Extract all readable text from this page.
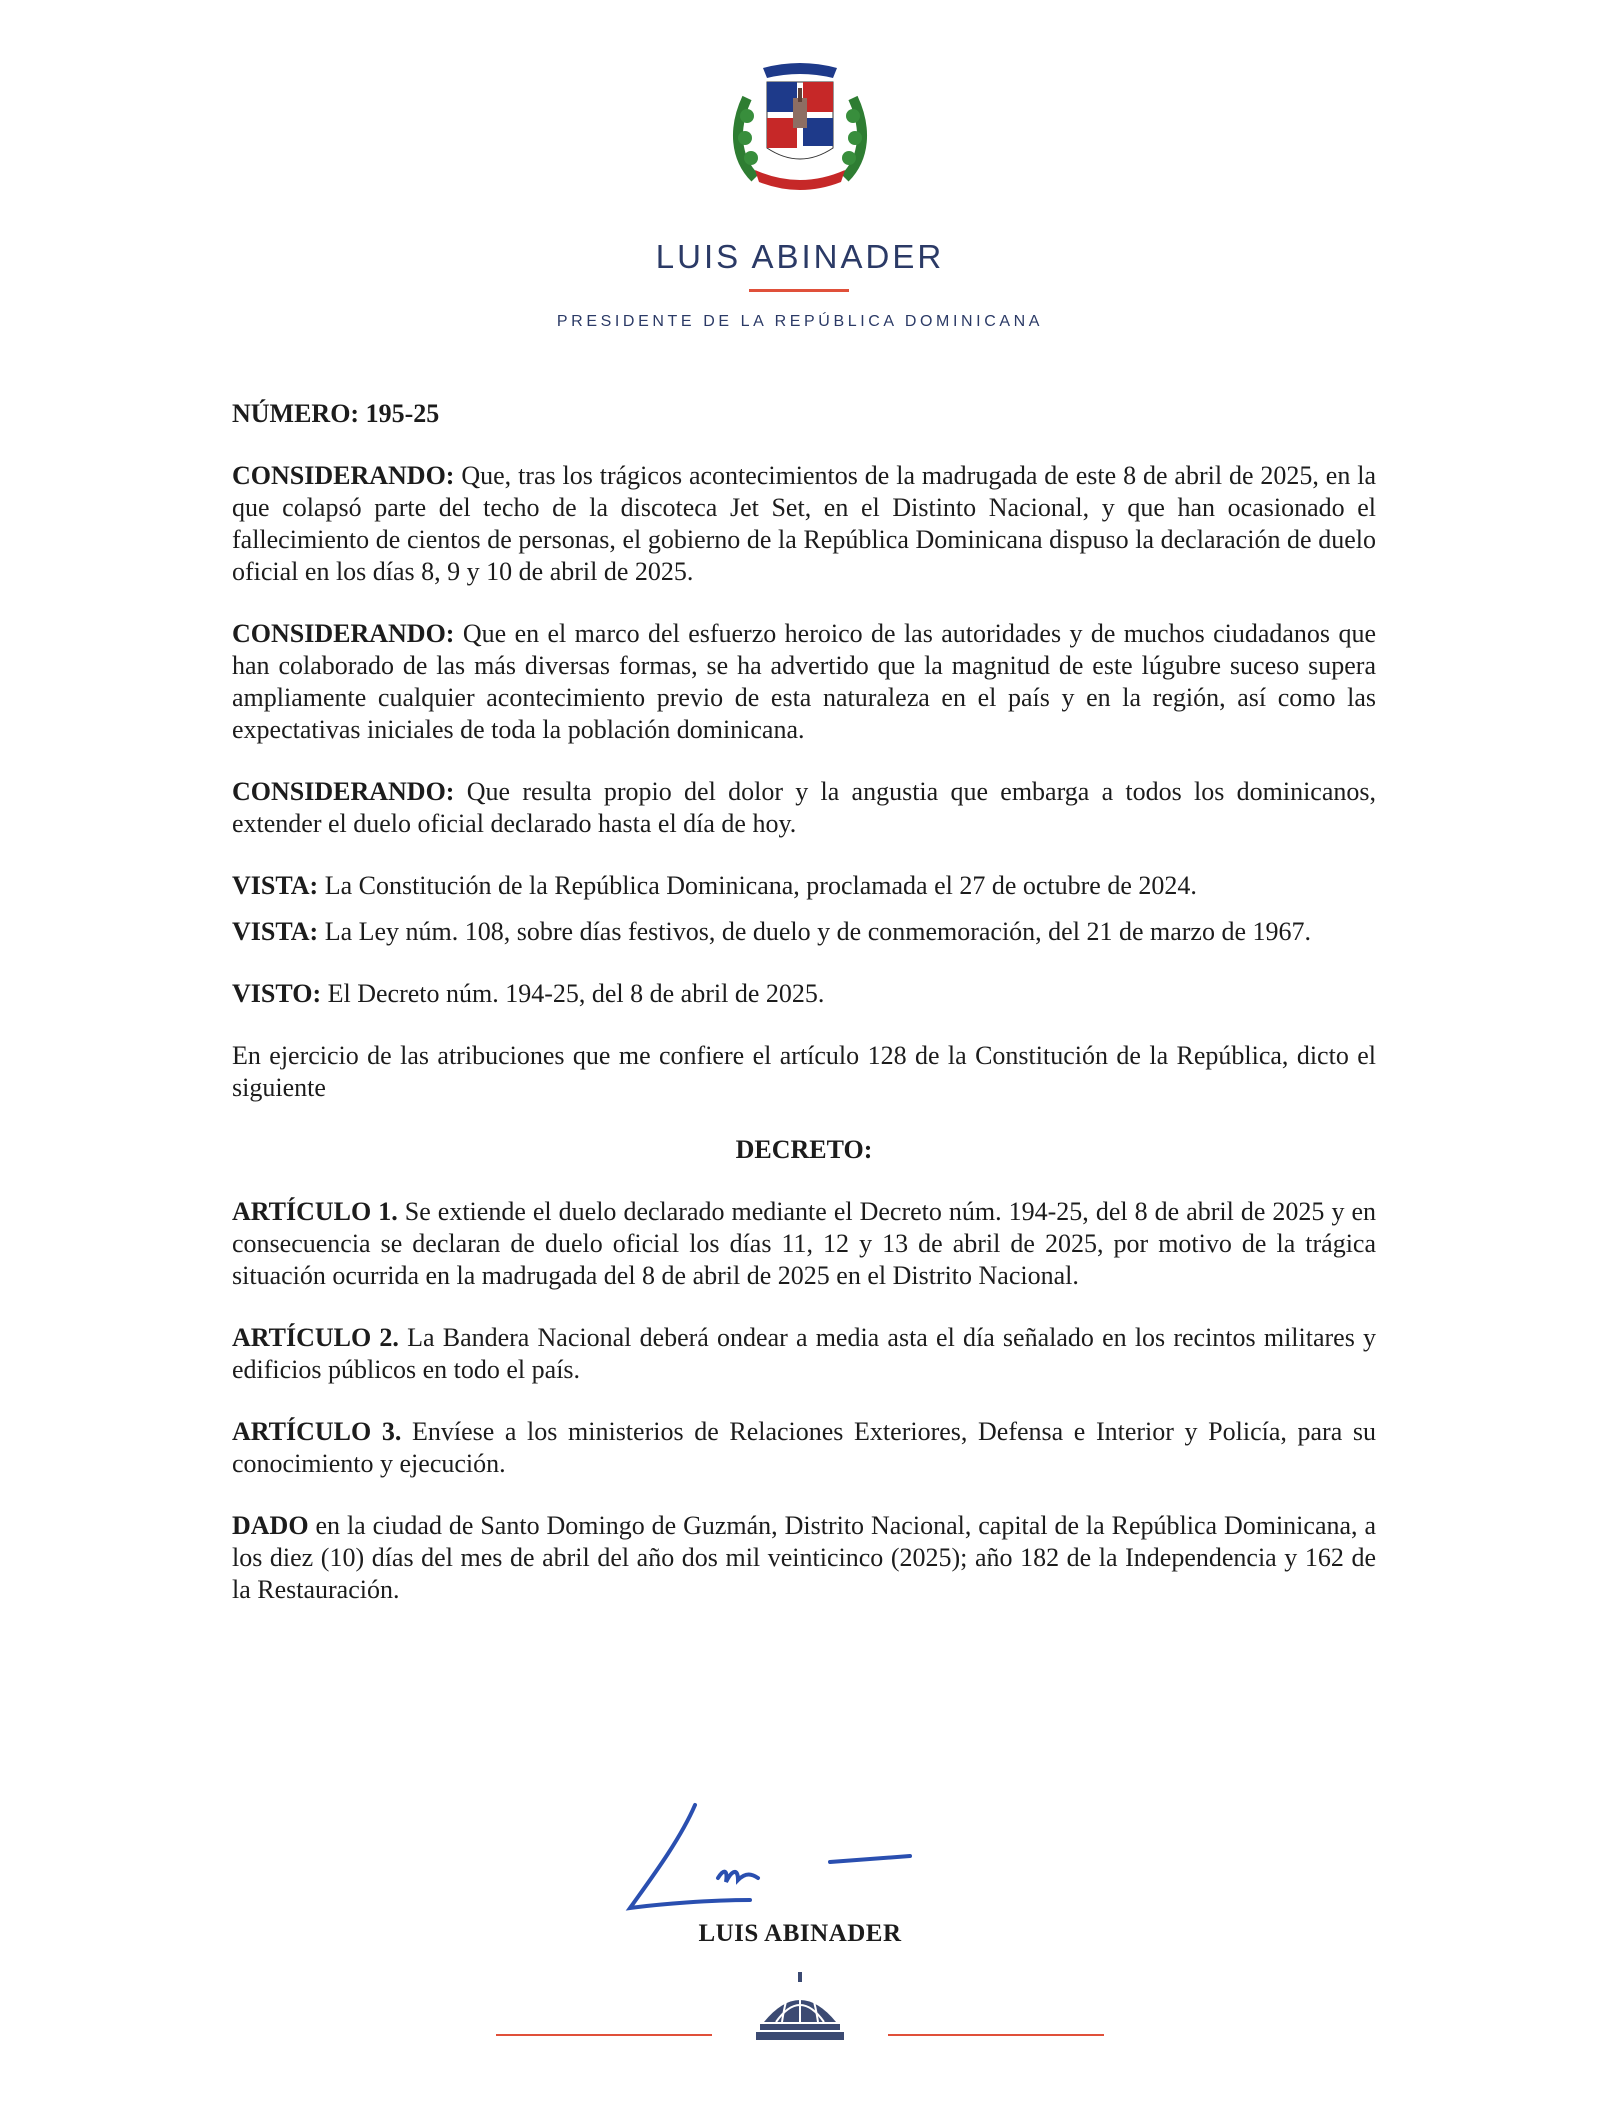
LUIS ABINADER
PRESIDENTE DE LA REPÚBLICA DOMINICANA

NÚMERO: 195-25

CONSIDERANDO: Que, tras los trágicos acontecimientos de la madrugada de este 8 de abril de 2025, en la que colapsó parte del techo de la discoteca Jet Set, en el Distinto Nacional, y que han ocasionado el fallecimiento de cientos de personas, el gobierno de la República Dominicana dispuso la declaración de duelo oficial en los días 8, 9 y 10 de abril de 2025.

CONSIDERANDO: Que en el marco del esfuerzo heroico de las autoridades y de muchos ciudadanos que han colaborado de las más diversas formas, se ha advertido que la magnitud de este lúgubre suceso supera ampliamente cualquier acontecimiento previo de esta naturaleza en el país y en la región, así como las expectativas iniciales de toda la población dominicana.

CONSIDERANDO: Que resulta propio del dolor y la angustia que embarga a todos los dominicanos, extender el duelo oficial declarado hasta el día de hoy.

VISTA: La Constitución de la República Dominicana, proclamada el 27 de octubre de 2024.

VISTA: La Ley núm. 108, sobre días festivos, de duelo y de conmemoración, del 21 de marzo de 1967.

VISTO: El Decreto núm. 194-25, del 8 de abril de 2025.

En ejercicio de las atribuciones que me confiere el artículo 128 de la Constitución de la República, dicto el siguiente

DECRETO:

ARTÍCULO 1. Se extiende el duelo declarado mediante el Decreto núm. 194-25, del 8 de abril de 2025 y en consecuencia se declaran de duelo oficial los días 11, 12 y 13 de abril de 2025, por motivo de la trágica situación ocurrida en la madrugada del 8 de abril de 2025 en el Distrito Nacional.

ARTÍCULO 2. La Bandera Nacional deberá ondear a media asta el día señalado en los recintos militares y edificios públicos en todo el país.

ARTÍCULO 3. Envíese a los ministerios de Relaciones Exteriores, Defensa e Interior y Policía, para su conocimiento y ejecución.

DADO en la ciudad de Santo Domingo de Guzmán, Distrito Nacional, capital de la República Dominicana, a los diez (10) días del mes de abril del año dos mil veinticinco (2025); año 182 de la Independencia y 162 de la Restauración.

LUIS ABINADER
